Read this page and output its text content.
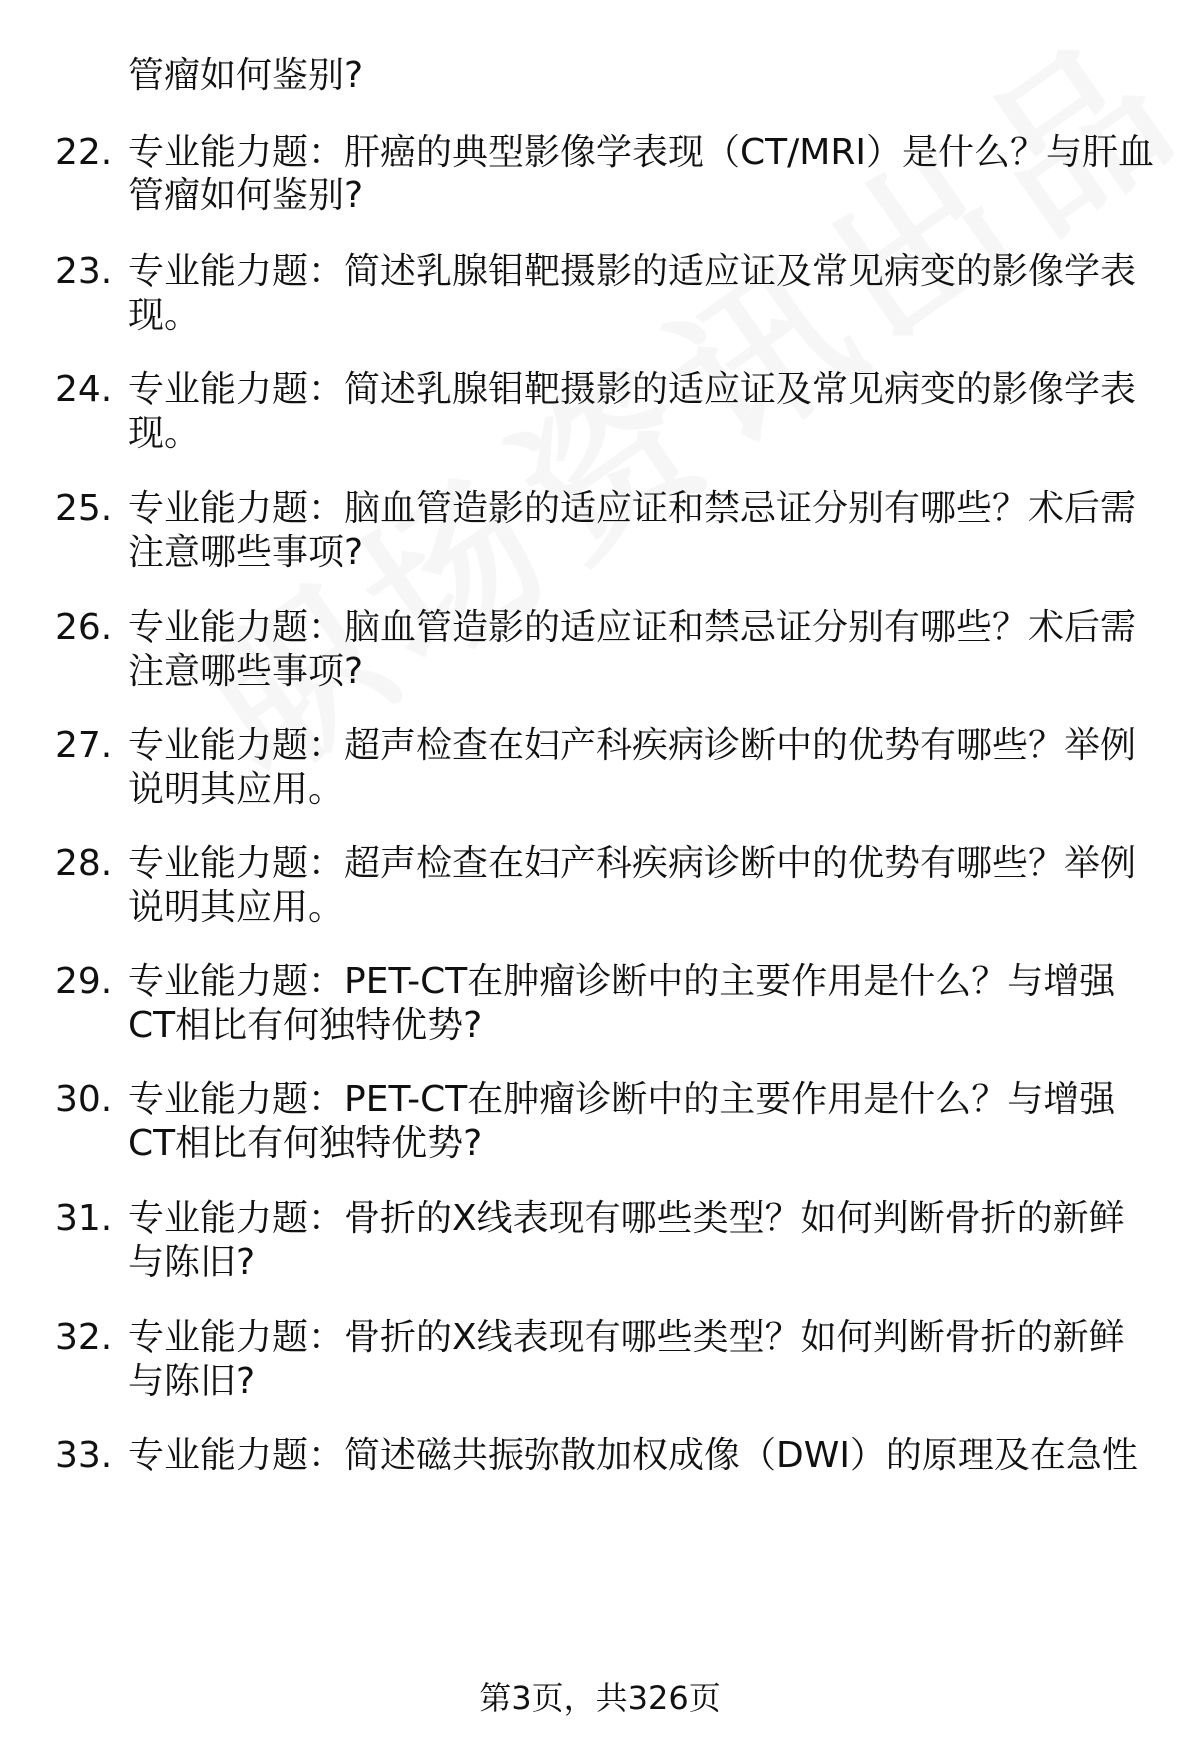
管瘤如何鉴别?
22. 专业能力题：肝癌的典型影像学表现（CT/MRI）是什么？与肝血
管瘤如何鉴别?
23. 专业能力题：简述乳腺钼靶摄影的适应证及常见病变的影像学表
现。
24. 专业能力题：简述乳腺钼靶摄影的适应证及常见病变的影像学表
现。
25. 专业能力题：脑血管造影的适应证和禁忌证分别有哪些？术后需
注意哪些事项?
26. 专业能力题：脑血管造影的适应证和禁忌证分别有哪些？术后需
注意哪些事项?
27. 专业能力题：超声检查在妇产科疾病诊断中的优势有哪些？举例
说明其应用。
28. 专业能力题：超声检查在妇产科疾病诊断中的优势有哪些？举例
说明其应用。
29. 专业能力题：PET-CT在肿瘤诊断中的主要作用是什么？与增强
CT相比有何独特优势?
30. 专业能力题：PET-CT在肿瘤诊断中的主要作用是什么？与增强
CT相比有何独特优势?
31. 专业能力题：骨折的X线表现有哪些类型？如何判断骨折的新鲜
与陈旧?
32. 专业能力题：骨折的X线表现有哪些类型？如何判断骨折的新鲜
与陈旧?
33. 专业能力题：简述磁共振弥散加权成像（DWI）的原理及在急性
第3页，共326页
